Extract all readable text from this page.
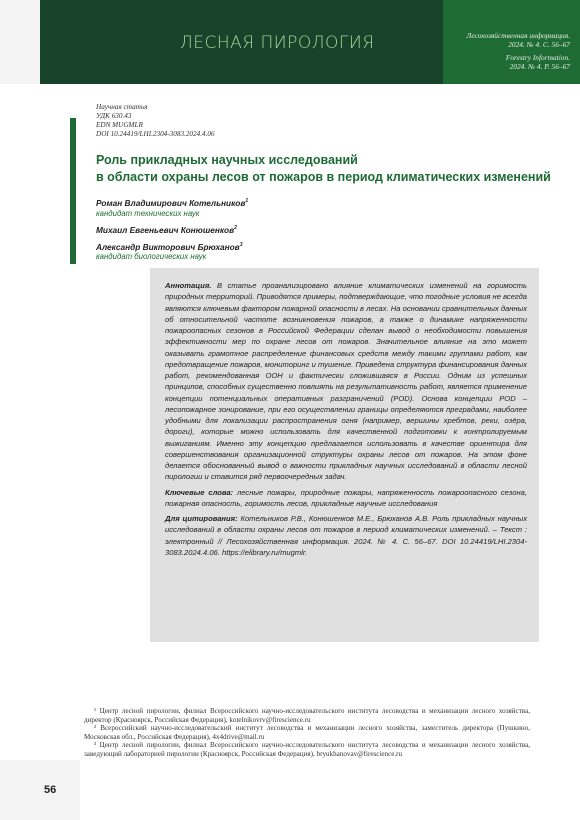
ЛЕСНАЯ ПИРОЛОГИЯ	Лесохозяйственная информация.
2024. № 4. С. 56–67
Forestry Information.
2024. № 4. P. 56–67
Научная статья
УДК 630.43
EDN MUGMLR
DOI 10.24419/LHI.2304-3083.2024.4.06
Роль прикладных научных исследований
в области охраны лесов от пожаров в период климатических изменений
Роман Владимирович Котельников$^1$
кандидат технических наук
Михаил Евгеньевич Конюшенков$^2$
Александр Викторович Брюханов$^3$
кандидат биологических наук

Аннотация. В статье проанализировано влияние климатических изменений на горимость природных территорий. Приводятся примеры, подтверждающие, что погодные условия не всегда являются ключевым фактором пожарной опасности в лесах. На основании сравнительных данных об относительной частоте возникновения пожаров, а также о динамике напряженности пожароопасных сезонов в Российской Федерации сделан вывод о необходимости повышения эффективности мер по охране лесов от пожаров. Значительное влияние на это может оказывать грамотное распределение финансовых средств между такими группами работ, как предотвращение пожаров, мониторинг и тушение. Приведена структура финансирования данных работ, рекомендованная ООН и фактически сложившаяся в России. Одним из успешных принципов, способных существенно повлиять на результативность работ, является применение концепции потенциальных оперативных разграничений (POD). Основа концепции POD – лесопожарное зонирование, при его осуществлении границы определяются преградами, наиболее удобными для локализации распространения огня (например, вершины хребтов, реки, озёра, дороги), которые можно использовать для качественной подготовки к контролируемым выжиганиям. Именно эту концепцию предлагается использовать в качестве ориентира для совершенствования организационной структуры охраны лесов от пожаров. На этом фоне делается обоснованный вывод о важности прикладных научных исследований в области лесной пирологии и ставится ряд первоочередных задач.

Ключевые слова: лесные пожары, природные пожары, напряженность пожароопасного сезона, пожарная опасность, горимость лесов, прикладные научные исследования

Для цитирования: Котельников Р.В., Конюшенков М.Е., Брюханов А.В. Роль прикладных научных исследований в области охраны лесов от пожаров в период климатических изменений. – Текст : электронный // Лесохозяйственная информация. 2024. № 4. С. 56–67. DOI 10.24419/LHI.2304-3083.2024.4.06. https://elibrary.ru/mugmlr.

¹ Центр лесной пирологии, филиал Всероссийского научно-исследовательского института лесоводства и механизации лесного хозяйства, директор (Красноярск, Российская Федерация), kotelnikovrv@firescience.ru

² Всероссийский научно-исследовательский институт лесоводства и механизации лесного хозяйства, заместитель директора (Пушкино, Московская обл., Российская Федерация), 4x4drive@mail.ru

³ Центр лесной пирологии, филиал Всероссийского научно-исследовательского института лесоводства и механизации лесного хозяйства, заведующий лабораторией пирологии (Красноярск, Российская Федерация), bryukhanovav@firescience.ru

56
